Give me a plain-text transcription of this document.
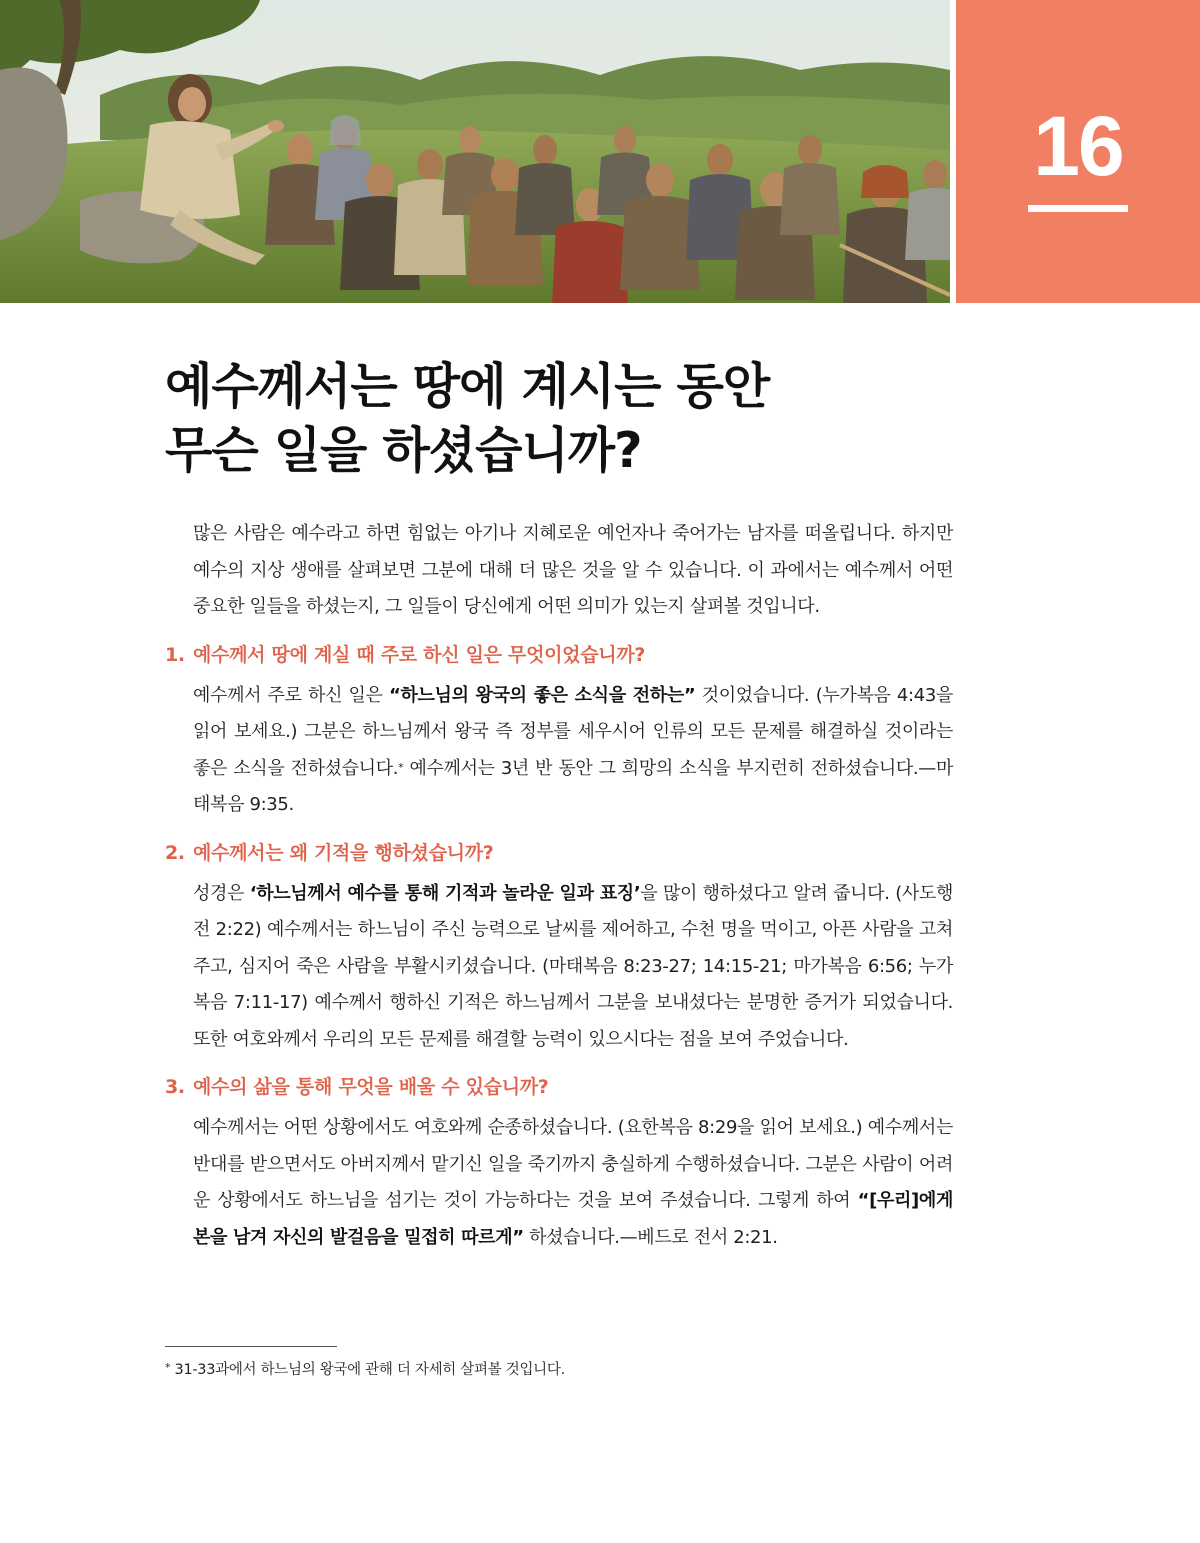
16
예수께서는 땅에 계시는 동안
무슨 일을 하셨습니까?

많은 사람은 예수라고 하면 힘없는 아기나 지혜로운 예언자나 죽어가는 남자를 떠올립니다. 하지만 예수의 지상 생애를 살펴보면 그분에 대해 더 많은 것을 알 수 있습니다. 이 과에서는 예수께서 어떤 중요한 일들을 하셨는지, 그 일들이 당신에게 어떤 의미가 있는지 살펴볼 것입니다.

1. 예수께서 땅에 계실 때 주로 하신 일은 무엇이었습니까?

예수께서 주로 하신 일은 “하느님의 왕국의 좋은 소식을 전하는” 것이었습니다. (누가복음 4:43을 읽어 보세요.) 그분은 하느님께서 왕국 즉 정부를 세우시어 인류의 모든 문제를 해결하실 것이라는 좋은 소식을 전하셨습니다.* 예수께서는 3년 반 동안 그 희망의 소식을 부지런히 전하셨습니다.—마태복음 9:35.

2. 예수께서는 왜 기적을 행하셨습니까?

성경은 ‘하느님께서 예수를 통해 기적과 놀라운 일과 표징’을 많이 행하셨다고 알려 줍니다. (사도행전 2:22) 예수께서는 하느님이 주신 능력으로 날씨를 제어하고, 수천 명을 먹이고, 아픈 사람을 고쳐 주고, 심지어 죽은 사람을 부활시키셨습니다. (마태복음 8:23-27; 14:15-21; 마가복음 6:56; 누가복음 7:11-17) 예수께서 행하신 기적은 하느님께서 그분을 보내셨다는 분명한 증거가 되었습니다. 또한 여호와께서 우리의 모든 문제를 해결할 능력이 있으시다는 점을 보여 주었습니다.

3. 예수의 삶을 통해 무엇을 배울 수 있습니까?

예수께서는 어떤 상황에서도 여호와께 순종하셨습니다. (요한복음 8:29을 읽어 보세요.) 예수께서는 반대를 받으면서도 아버지께서 맡기신 일을 죽기까지 충실하게 수행하셨습니다. 그분은 사람이 어려운 상황에서도 하느님을 섬기는 것이 가능하다는 것을 보여 주셨습니다. 그렇게 하여 “[우리]에게 본을 남겨 자신의 발걸음을 밀접히 따르게” 하셨습니다.—베드로 전서 2:21.

* 31-33과에서 하느님의 왕국에 관해 더 자세히 살펴볼 것입니다.
